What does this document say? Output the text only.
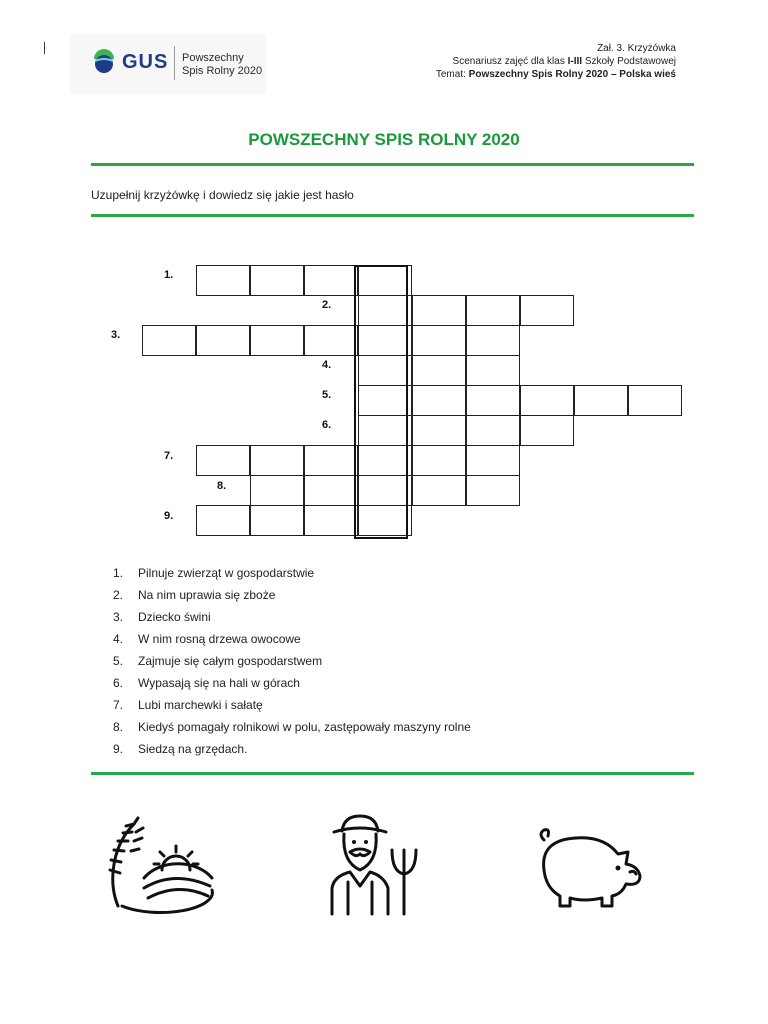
GUS Powszechny
Spis Rolny 2020
Zał. 3. Krzyżówka
Scenariusz zajęć dla klas I-III Szkoły Podstawowej
Temat: Powszechny Spis Rolny 2020 – Polska wieś
POWSZECHNY SPIS ROLNY 2020
Uzupełnij krzyżówkę i dowiedz się jakie jest hasło
1.
2.
3.
4.
5.
6.
7.
8.
9.
1. Pilnuje zwierząt w gospodarstwie
2. Na nim uprawia się zboże
3. Dziecko świni
4. W nim rosną drzewa owocowe
5. Zajmuje się całym gospodarstwem
6. Wypasają się na hali w górach
7. Lubi marchewki i sałatę
8. Kiedyś pomagały rolnikowi w polu, zastępowały maszyny rolne
9. Siedzą na grzędach.
